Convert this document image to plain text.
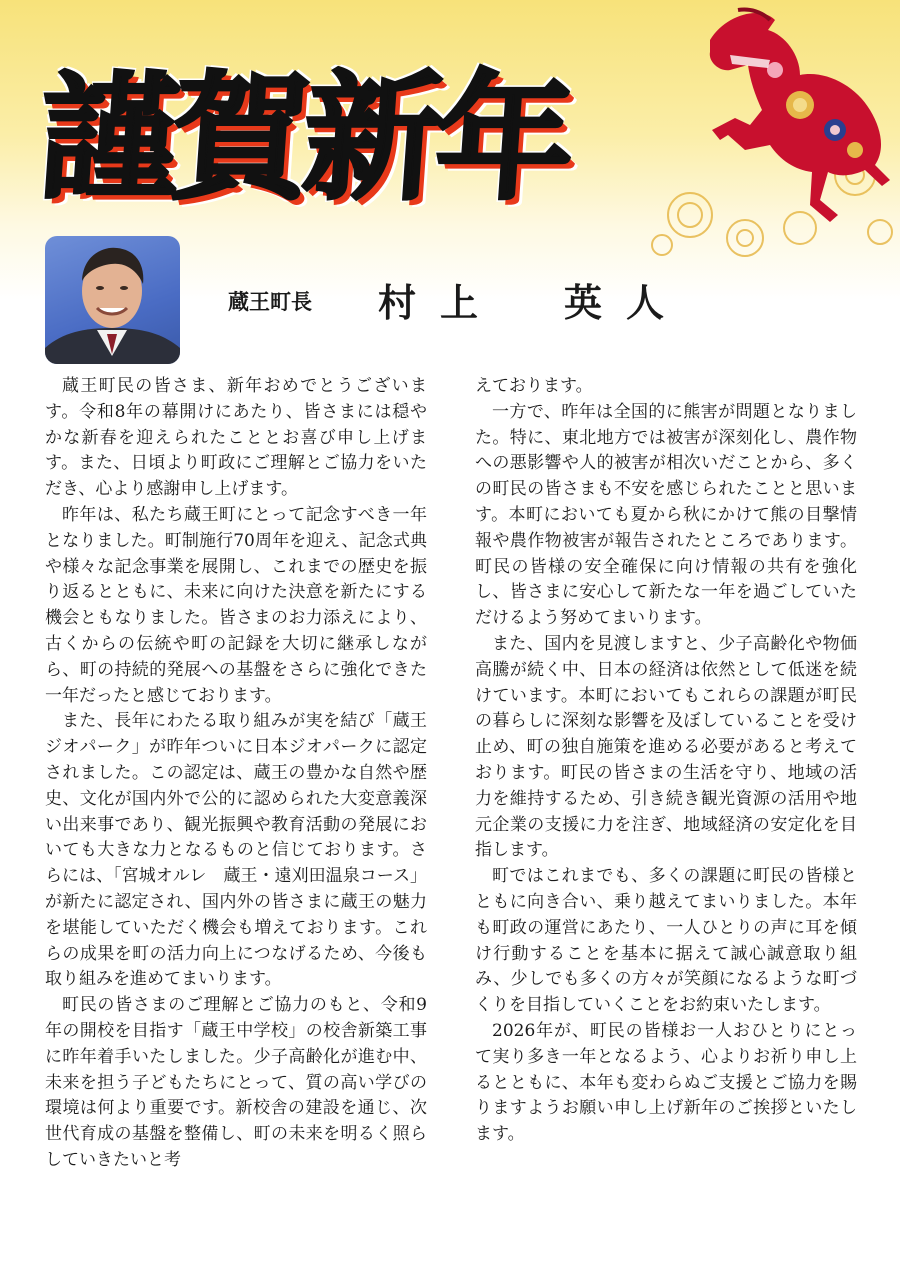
謹賀新年
蔵王町長 村上　英人

蔵王町民の皆さま、新年おめでとうございます。令和8年の幕開けにあたり、皆さまには穏やかな新春を迎えられたこととお喜び申し上げます。また、日頃より町政にご理解とご協力をいただき、心より感謝申し上げます。

昨年は、私たち蔵王町にとって記念すべき一年となりました。町制施行70周年を迎え、記念式典や様々な記念事業を展開し、これまでの歴史を振り返るとともに、未来に向けた決意を新たにする機会ともなりました。皆さまのお力添えにより、古くからの伝統や町の記録を大切に継承しながら、町の持続的発展への基盤をさらに強化できた一年だったと感じております。

また、長年にわたる取り組みが実を結び「蔵王ジオパーク」が昨年ついに日本ジオパークに認定されました。この認定は、蔵王の豊かな自然や歴史、文化が国内外で公的に認められた大変意義深い出来事であり、観光振興や教育活動の発展においても大きな力となるものと信じております。さらには、「宮城オルレ　蔵王・遠刈田温泉コース」が新たに認定され、国内外の皆さまに蔵王の魅力を堪能していただく機会も増えております。これらの成果を町の活力向上につなげるため、今後も取り組みを進めてまいります。

町民の皆さまのご理解とご協力のもと、令和9年の開校を目指す「蔵王中学校」の校舎新築工事に昨年着手いたしました。少子高齢化が進む中、未来を担う子どもたちにとって、質の高い学びの環境は何より重要です。新校舎の建設を通じ、次世代育成の基盤を整備し、町の未来を明るく照らしていきたいと考

えております。

一方で、昨年は全国的に熊害が問題となりました。特に、東北地方では被害が深刻化し、農作物への悪影響や人的被害が相次いだことから、多くの町民の皆さまも不安を感じられたことと思います。本町においても夏から秋にかけて熊の目撃情報や農作物被害が報告されたところであります。町民の皆様の安全確保に向け情報の共有を強化し、皆さまに安心して新たな一年を過ごしていただけるよう努めてまいります。

また、国内を見渡しますと、少子高齢化や物価高騰が続く中、日本の経済は依然として低迷を続けています。本町においてもこれらの課題が町民の暮らしに深刻な影響を及ぼしていることを受け止め、町の独自施策を進める必要があると考えております。町民の皆さまの生活を守り、地域の活力を維持するため、引き続き観光資源の活用や地元企業の支援に力を注ぎ、地域経済の安定化を目指します。

町ではこれまでも、多くの課題に町民の皆様とともに向き合い、乗り越えてまいりました。本年も町政の運営にあたり、一人ひとりの声に耳を傾け行動することを基本に据えて誠心誠意取り組み、少しでも多くの方々が笑顔になるような町づくりを目指していくことをお約束いたします。

2026年が、町民の皆様お一人おひとりにとって実り多き一年となるよう、心よりお祈り申し上るとともに、本年も変わらぬご支援とご協力を賜りますようお願い申し上げ新年のご挨拶といたします。
